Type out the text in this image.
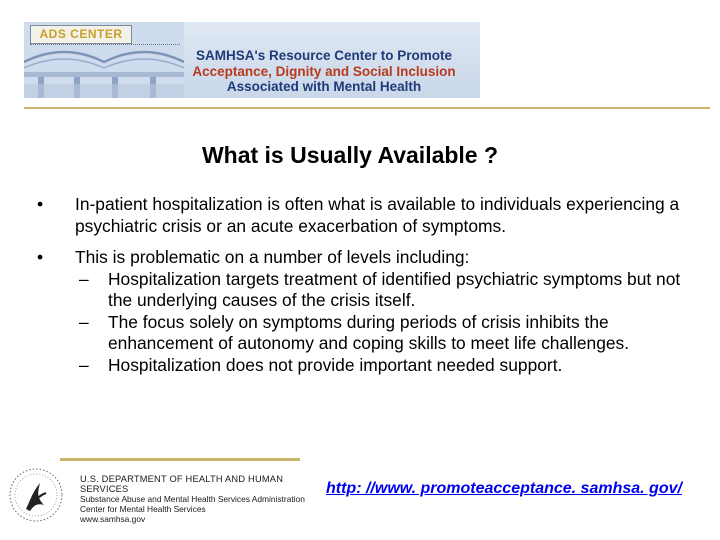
ADS CENTER
SAMHSA's Resource Center to Promote
Acceptance, Dignity and Social Inclusion
Associated with Mental Health
What is Usually Available ?
•	In-patient hospitalization is often what is available to individuals experiencing a psychiatric crisis or an acute exacerbation of symptoms.
•	This is problematic on a number of levels including:
– Hospitalization targets treatment of identified psychiatric symptoms but not the underlying causes of the crisis itself.
– The focus solely on symptoms during periods of crisis inhibits the enhancement of autonomy and coping skills to meet life challenges.
– Hospitalization does not provide important needed support.
U.S. DEPARTMENT OF HEALTH AND HUMAN SERVICES
Substance Abuse and Mental Health Services Administration
Center for Mental Health Services
www.samhsa.gov
http: //www. promoteacceptance. samhsa. gov/
